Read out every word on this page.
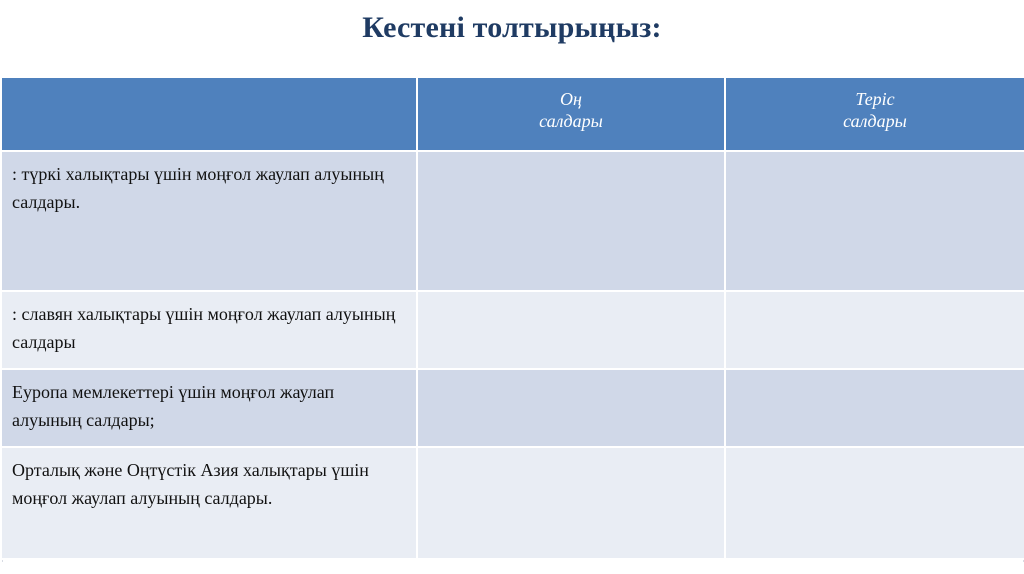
Кестені толтырыңыз:

	Оң
салдары	Теріс
салдары

: түркі халықтары үшін моңғол жаулап алуының     салдары.		
: славян халықтары үшін моңғол жаулап алуының салдары		
Еуропа мемлекеттері үшін моңғол жаулап алуының салдары;		
Орталық және Оңтүстік Азия халықтары үшін моңғол жаулап алуының салдары.		
